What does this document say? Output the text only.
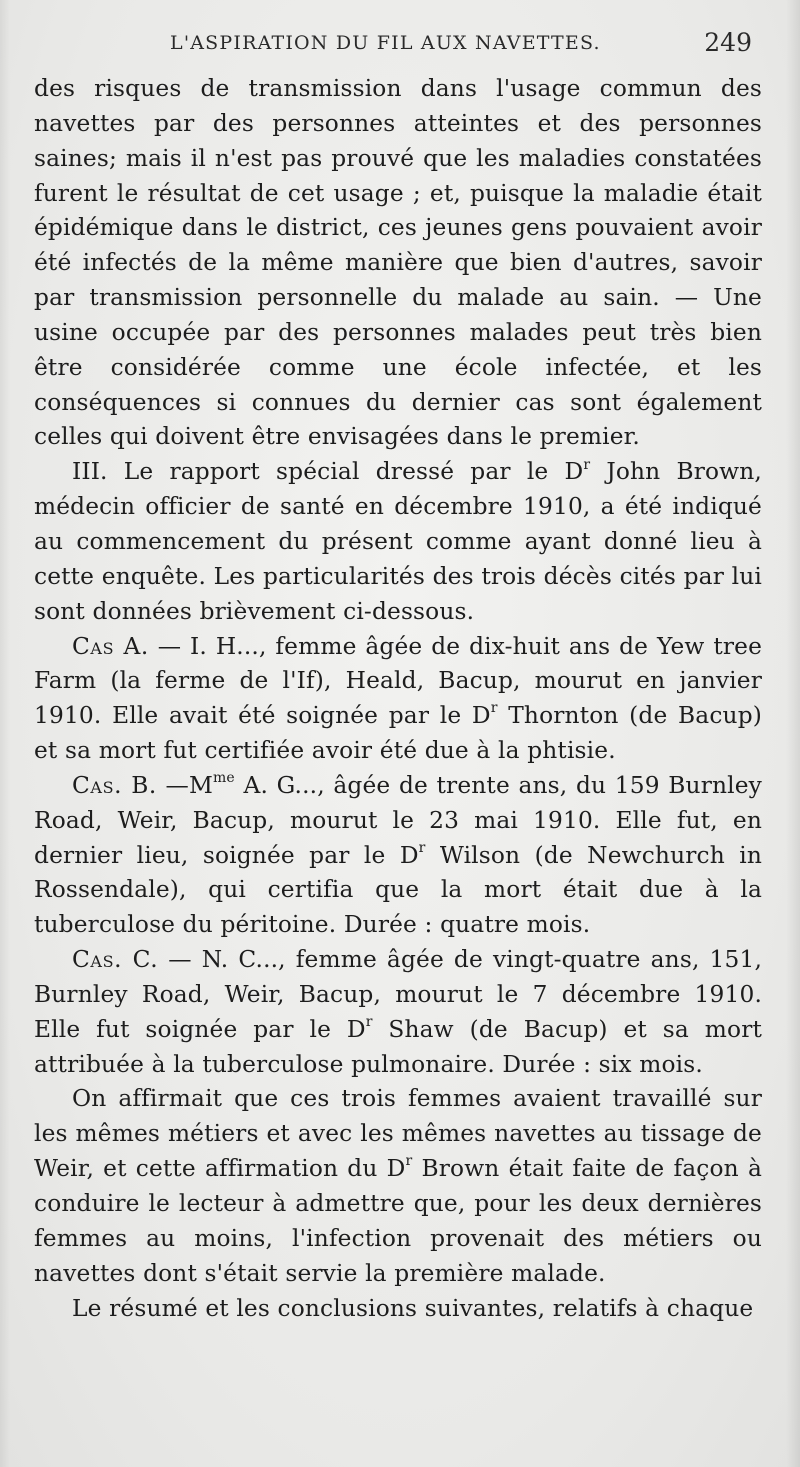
L'ASPIRATION DU FIL AUX NAVETTES.	249

des risques de transmission dans l'usage commun des navettes par des personnes atteintes et des personnes saines; mais il n'est pas prouvé que les maladies constatées furent le résultat de cet usage ; et, puisque la maladie était épidémique dans le district, ces jeunes gens pouvaient avoir été infectés de la même manière que bien d'autres, savoir par transmission personnelle du malade au sain. — Une usine occupée par des personnes malades peut très bien être considérée comme une école infectée, et les conséquences si connues du dernier cas sont également celles qui doivent être envisagées dans le premier.

III. Le rapport spécial dressé par le $D^r$ John Brown, médecin officier de santé en décembre 1910, a été indiqué au commencement du présent comme ayant donné lieu à cette enquête. Les particularités des trois décès cités par lui sont données brièvement ci-dessous.

Cas A. — I. H..., femme âgée de dix-huit ans de Yew tree Farm (la ferme de l'If), Heald, Bacup, mourut en janvier 1910. Elle avait été soignée par le $D^r$ Thornton (de Bacup) et sa mort fut certifiée avoir été due à la phtisie.

Cas. B. $—M^{me}$ A. G..., âgée de trente ans, du 159 Burnley Road, Weir, Bacup, mourut le 23 mai 1910. Elle fut, en dernier lieu, soignée par le $D^r$ Wilson (de Newchurch in Rossendale), qui certifia que la mort était due à la tuberculose du péritoine. Durée : quatre mois.

Cas. C. — N. C..., femme âgée de vingt-quatre ans, 151, Burnley Road, Weir, Bacup, mourut le 7 décembre 1910. Elle fut soignée par le $D^r$ Shaw (de Bacup) et sa mort attribuée à la tuberculose pulmonaire. Durée : six mois.

On affirmait que ces trois femmes avaient travaillé sur les mêmes métiers et avec les mêmes navettes au tissage de Weir, et cette affirmation du $D^r$ Brown était faite de façon à conduire le lecteur à admettre que, pour les deux dernières femmes au moins, l'infection provenait des métiers ou navettes dont s'était servie la première malade.

Le résumé et les conclusions suivantes, relatifs à chaque
